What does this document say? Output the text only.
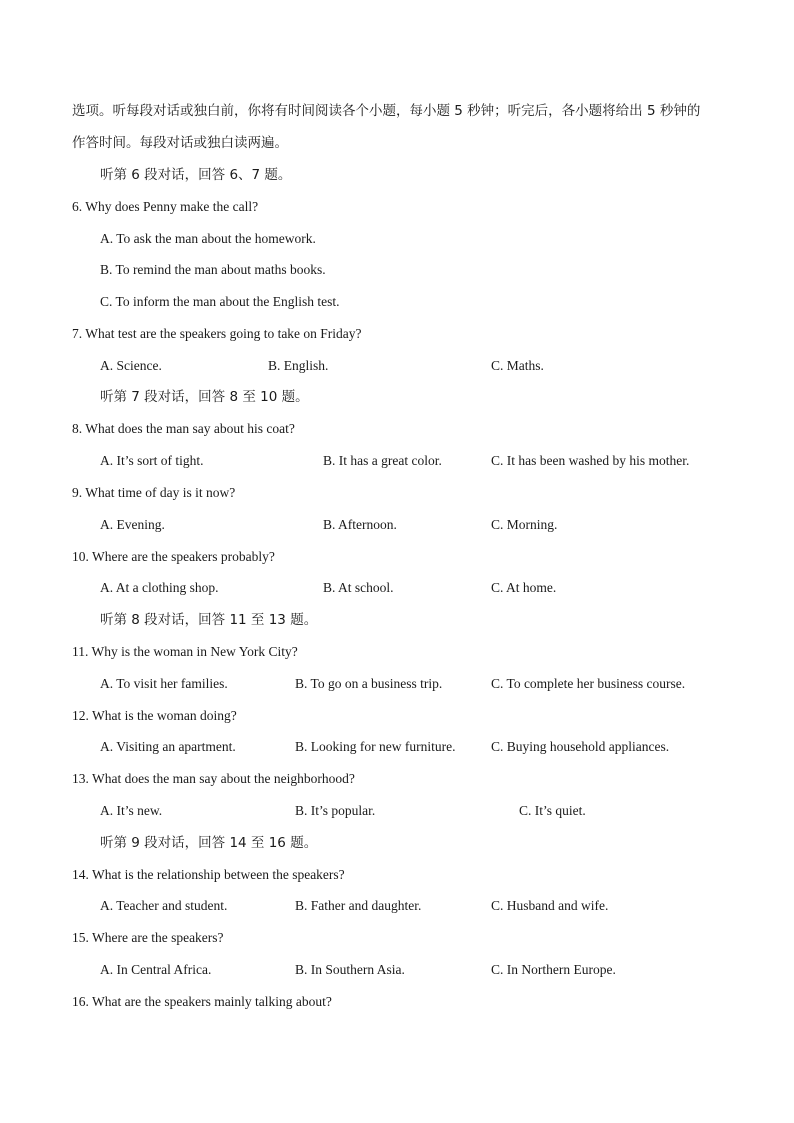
选项。听每段对话或独白前，你将有时间阅读各个小题，每小题 5 秒钟；听完后，各小题将给出 5 秒钟的
作答时间。每段对话或独白读两遍。
听第 6 段对话，回答 6、7 题。
6. Why does Penny make the call?
A. To ask the man about the homework.
B. To remind the man about maths books.
C. To inform the man about the English test.
7. What test are the speakers going to take on Friday?
A. Science.	B. English.	C. Maths.
听第 7 段对话，回答 8 至 10 题。
8. What does the man say about his coat?
A. It’s sort of tight.	B. It has a great color.	C. It has been washed by his mother.
9. What time of day is it now?
A. Evening.	B. Afternoon.	C. Morning.
10. Where are the speakers probably?
A. At a clothing shop.	B. At school.	C. At home.
听第 8 段对话，回答 11 至 13 题。
11. Why is the woman in New York City?
A. To visit her families.	B. To go on a business trip.	C. To complete her business course.
12. What is the woman doing?
A. Visiting an apartment.	B. Looking for new furniture.	C. Buying household appliances.
13. What does the man say about the neighborhood?
A. It’s new.	B. It’s popular.	C. It’s quiet.
听第 9 段对话，回答 14 至 16 题。
14. What is the relationship between the speakers?
A. Teacher and student.	B. Father and daughter.	C. Husband and wife.
15. Where are the speakers?
A. In Central Africa.	B. In Southern Asia.	C. In Northern Europe.
16. What are the speakers mainly talking about?
